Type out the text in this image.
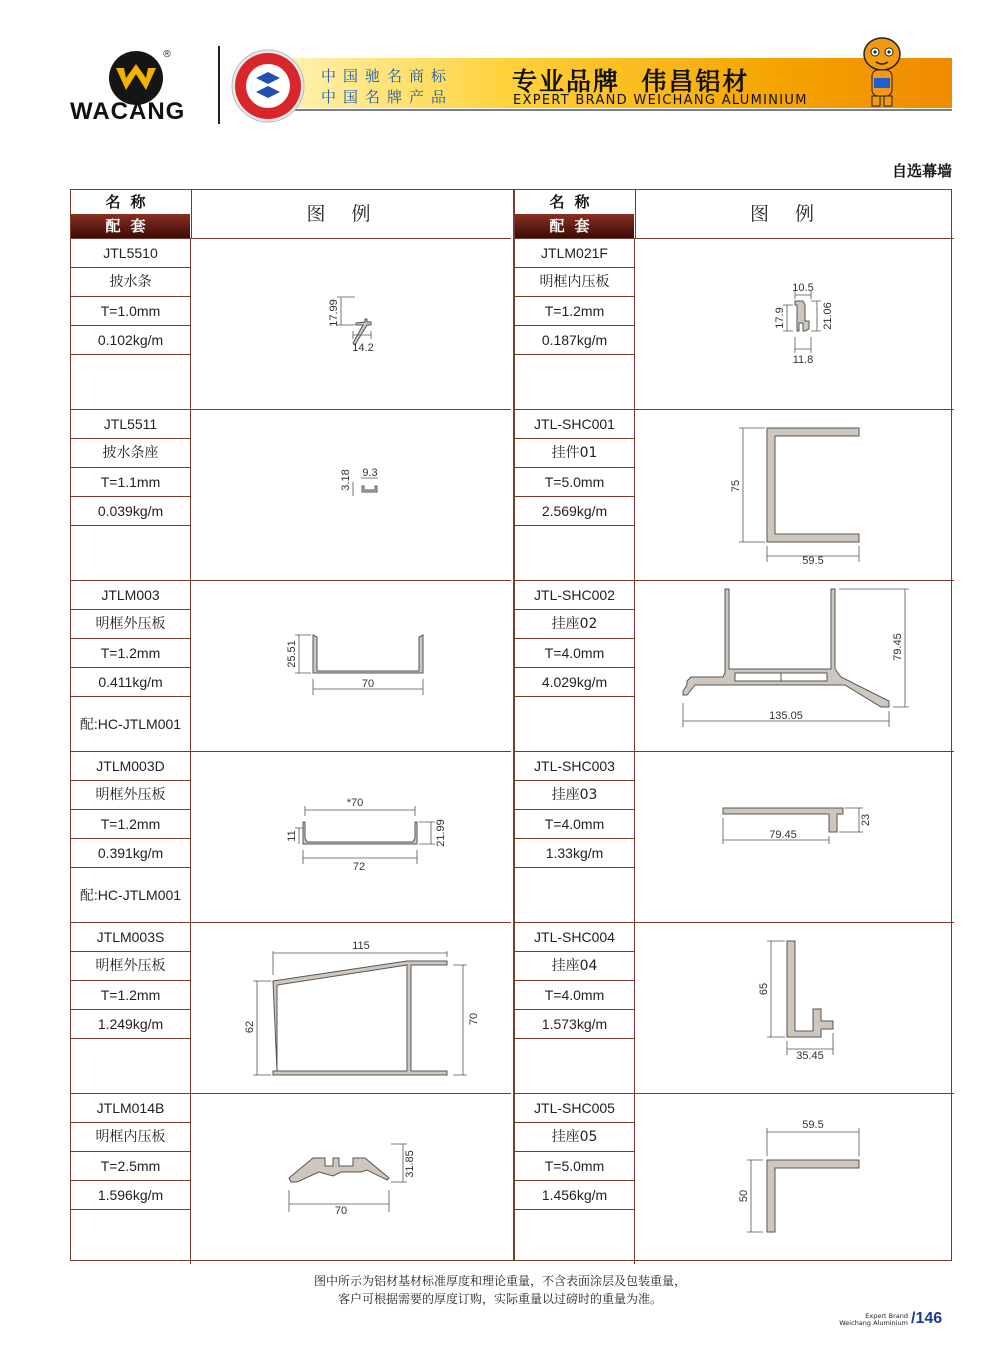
®
WACANG
中国驰名商标
中国名牌产品
专业品牌  伟昌铝材
EXPERT BRAND WEICHANG ALUMINIUM
自选幕墙
名称
配套
图例
JTL5510
披水条
T=1.0mm
0.102kg/m
17.99
14.2
JTL5511
披水条座
T=1.1mm
0.039kg/m
3.18 9.3
JTLM003
明框外压板
T=1.2mm
0.411kg/m
配:HC-JTLM001
25.51
70
JTLM003D
明框外压板
T=1.2mm
0.391kg/m
配:HC-JTLM001
*70
11	21.99
72
JTLM003S
明框外压板
T=1.2mm
1.249kg/m
115
62
70
JTLM014B
明框内压板
T=2.5mm
1.596kg/m
31.85
70
名称
配套
图例
JTLM021F
明框内压板
T=1.2mm
0.187kg/m
10.5
17.9	21.06
11.8
JTL-SHC001
挂件01
T=5.0mm
2.569kg/m
75
59.5
JTL-SHC002
挂座02
T=4.0mm
4.029kg/m
79.45
135.05
JTL-SHC003
挂座03
T=4.0mm
1.33kg/m
23
79.45
JTL-SHC004
挂座04
T=4.0mm
1.573kg/m
65
35.45
JTL-SHC005
挂座05
T=5.0mm
1.456kg/m
59.5
50
图中所示为铝材基材标准厚度和理论重量，不含表面涂层及包装重量，
客户可根据需要的厚度订购，实际重量以过磅时的重量为准。
Expert Brand
Weichang Aluminium /146
